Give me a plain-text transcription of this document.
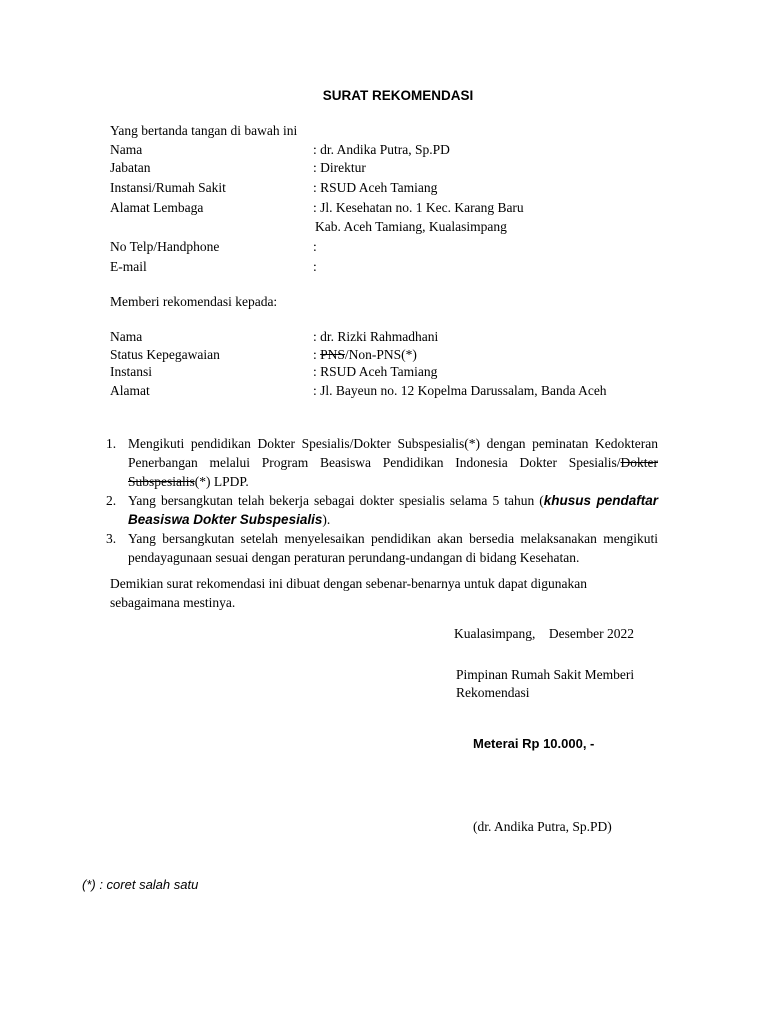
SURAT REKOMENDASI
Yang bertanda tangan di bawah ini
Nama	: dr. Andika Putra, Sp.PD
Jabatan	: Direktur
Instansi/Rumah Sakit	: RSUD Aceh Tamiang
Alamat Lembaga	: Jl. Kesehatan no. 1 Kec. Karang Baru
Kab. Aceh Tamiang, Kualasimpang
No Telp/Handphone	:
E-mail	:
Memberi rekomendasi kepada:
Nama	: dr. Rizki Rahmadhani
Status Kepegawaian	: PNS/Non-PNS(*)
Instansi	: RSUD Aceh Tamiang
Alamat	: Jl. Bayeun no. 12 Kopelma Darussalam, Banda Aceh
1. Mengikuti pendidikan Dokter Spesialis/Dokter Subspesialis(*) dengan peminatan Kedokteran Penerbangan melalui Program Beasiswa Pendidikan Indonesia Dokter Spesialis/Dokter Subspesialis(*) LPDP.
2. Yang bersangkutan telah bekerja sebagai dokter spesialis selama 5 tahun (khusus pendaftar Beasiswa Dokter Subspesialis).
3. Yang bersangkutan setelah menyelesaikan pendidikan akan bersedia melaksanakan mengikuti pendayagunaan sesuai dengan peraturan perundang-undangan di bidang Kesehatan.
Demikian surat rekomendasi ini dibuat dengan sebenar-benarnya untuk dapat digunakan sebagaimana mestinya.
Kualasimpang,    Desember 2022
Pimpinan Rumah Sakit Memberi
Rekomendasi
Meterai Rp 10.000, -
(dr. Andika Putra, Sp.PD)
(*) : coret salah satu
